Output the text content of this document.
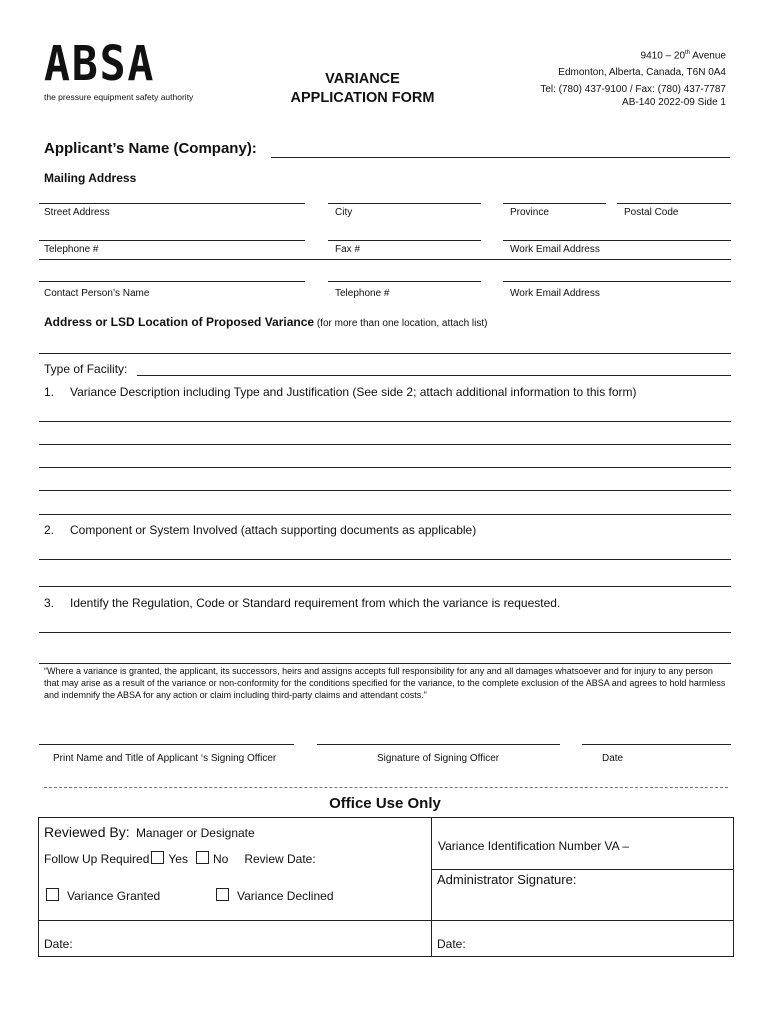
ABSA
the pressure equipment safety authority
VARIANCE
APPLICATION FORM
9410 – 20th Avenue
Edmonton, Alberta, Canada, T6N 0A4
Tel: (780) 437-9100 / Fax: (780) 437-7787
AB-140 2022-09 Side 1
Applicant’s Name (Company):
Mailing Address
Street Address	City	Province	Postal Code
Telephone #	Fax #	Work Email Address
Contact Person’s Name	Telephone #	Work Email Address
Address or LSD Location of Proposed Variance (for more than one location, attach list)
Type of Facility:
1. Variance Description including Type and Justification (See side 2; attach additional information to this form)
2. Component or System Involved (attach supporting documents as applicable)
3. Identify the Regulation, Code or Standard requirement from which the variance is requested.
“Where a variance is granted, the applicant, its successors, heirs and assigns accepts full responsibility for any and all damages whatsoever and for injury to any person that may arise as a result of the variance or non-conformity for the conditions specified for the variance, to the complete exclusion of the ABSA and agrees to hold harmless and indemnify the ABSA for any action or claim including third-party claims and attendant costs.”
Print Name and Title of Applicant ‘s Signing Officer	Signature of Signing Officer	Date
Office Use Only
Reviewed By: Manager or Designate
Follow Up Required Yes No Review Date:
Variance Granted	Variance Declined
Date:
Variance Identification Number VA –
Administrator Signature:
Date:
